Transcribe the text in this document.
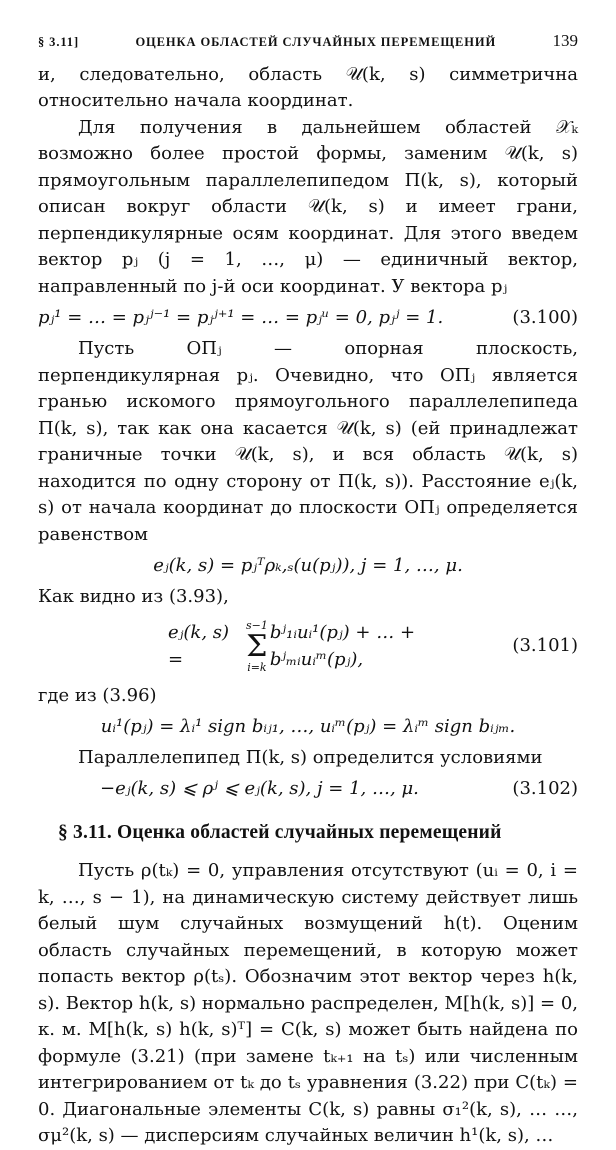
§ 3.11]	ОЦЕНКА ОБЛАСТЕЙ СЛУЧАЙНЫХ ПЕРЕМЕЩЕНИЙ	139

и, следовательно, область 𝒰(k, s) симметрична относительно начала координат.

Для получения в дальнейшем областей 𝒳ₖ возможно более простой формы, заменим 𝒰(k, s) прямоугольным параллелепипедом Π(k, s), который описан вокруг области 𝒰(k, s) и имеет грани, перпендикулярные осям координат. Для этого введем вектор pⱼ (j = 1, …, μ) — единичный вектор, направленный по j-й оси координат. У вектора pⱼ

pⱼ¹ = … = pⱼʲ⁻¹ = pⱼʲ⁺¹ = … = pⱼᵘ = 0, pⱼʲ = 1.	(3.100)

Пусть ОΠⱼ — опорная плоскость, перпендикулярная pⱼ. Очевидно, что ОΠⱼ является гранью искомого прямоугольного параллелепипеда Π(k, s), так как она касается 𝒰(k, s) (ей принадлежат граничные точки 𝒰(k, s), и вся область 𝒰(k, s) находится по одну сторону от Π(k, s)). Расстояние eⱼ(k, s) от начала координат до плоскости ОΠⱼ определяется равенством

eⱼ(k, s) = pⱼᵀρₖ,ₛ(u(pⱼ)), j = 1, …, μ.

Как видно из (3.93),

eⱼ(k, s) =
s−1
Σ
i=k
bʲ₁ᵢuᵢ¹(pⱼ) + … + bʲₘᵢuᵢᵐ(pⱼ),
(3.101)

где из (3.96)

uᵢ¹(pⱼ) = λᵢ¹ sign bᵢⱼ₁, …, uᵢᵐ(pⱼ) = λᵢᵐ sign bᵢⱼₘ.

Параллелепипед Π(k, s) определится условиями

−eⱼ(k, s) ⩽ ρʲ ⩽ eⱼ(k, s), j = 1, …, μ.	(3.102)
§ 3.11. Оценка областей случайных перемещений

Пусть ρ(tₖ) = 0, управления отсутствуют (uᵢ = 0, i = k, …, s − 1), на динамическую систему действует лишь белый шум случайных возмущений h(t). Оценим область случайных перемещений, в которую может попасть вектор ρ(tₛ). Обозначим этот вектор через h(k, s). Вектор h(k, s) нормально распределен, M[h(k, s)] = 0, к. м. M[h(k, s) h(k, s)ᵀ] = C(k, s) может быть найдена по формуле (3.21) (при замене tₖ₊₁ на tₛ) или численным интегрированием от tₖ до tₛ уравнения (3.22) при C(tₖ) = 0. Диагональные элементы C(k, s) равны σ₁²(k, s), … …, σμ²(k, s) — дисперсиям случайных величин h¹(k, s), …
